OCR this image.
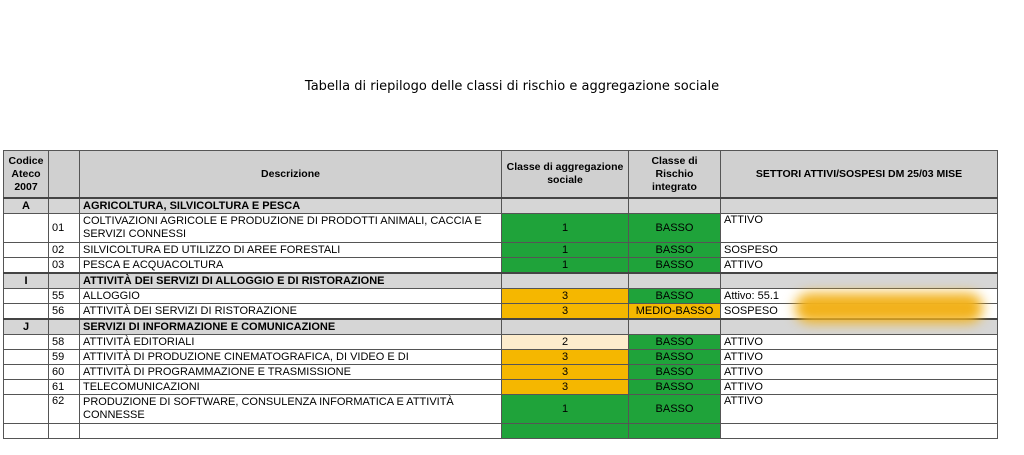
Tabella di riepilogo delle classi di rischio e aggregazione sociale
Codice Ateco 2007		Descrizione	Classe di aggregazione sociale	Classe di Rischio integrato	SETTORI ATTIVI/SOSPESI DM 25/03 MISE
A		AGRICOLTURA, SILVICOLTURA E PESCA			
	01	COLTIVAZIONI AGRICOLE E PRODUZIONE DI PRODOTTI ANIMALI, CACCIA E SERVIZI CONNESSI	1	BASSO	ATTIVO
	02	SILVICOLTURA ED UTILIZZO DI AREE FORESTALI	1	BASSO	SOSPESO
	03	PESCA E ACQUACOLTURA	1	BASSO	ATTIVO
I		ATTIVITÀ DEI SERVIZI DI ALLOGGIO E DI RISTORAZIONE			
	55	ALLOGGIO	3	BASSO	Attivo: 55.1
	56	ATTIVITÀ DEI SERVIZI DI RISTORAZIONE	3	MEDIO-BASSO	SOSPESO
J		SERVIZI DI INFORMAZIONE E COMUNICAZIONE			
	58	ATTIVITÀ EDITORIALI	2	BASSO	ATTIVO
	59	ATTIVITÀ DI PRODUZIONE CINEMATOGRAFICA, DI VIDEO E DI	3	BASSO	ATTIVO
	60	ATTIVITÀ DI PROGRAMMAZIONE E TRASMISSIONE	3	BASSO	ATTIVO
	61	TELECOMUNICAZIONI	3	BASSO	ATTIVO
	62	PRODUZIONE DI SOFTWARE, CONSULENZA INFORMATICA E ATTIVITÀ CONNESSE	1	BASSO	ATTIVO
